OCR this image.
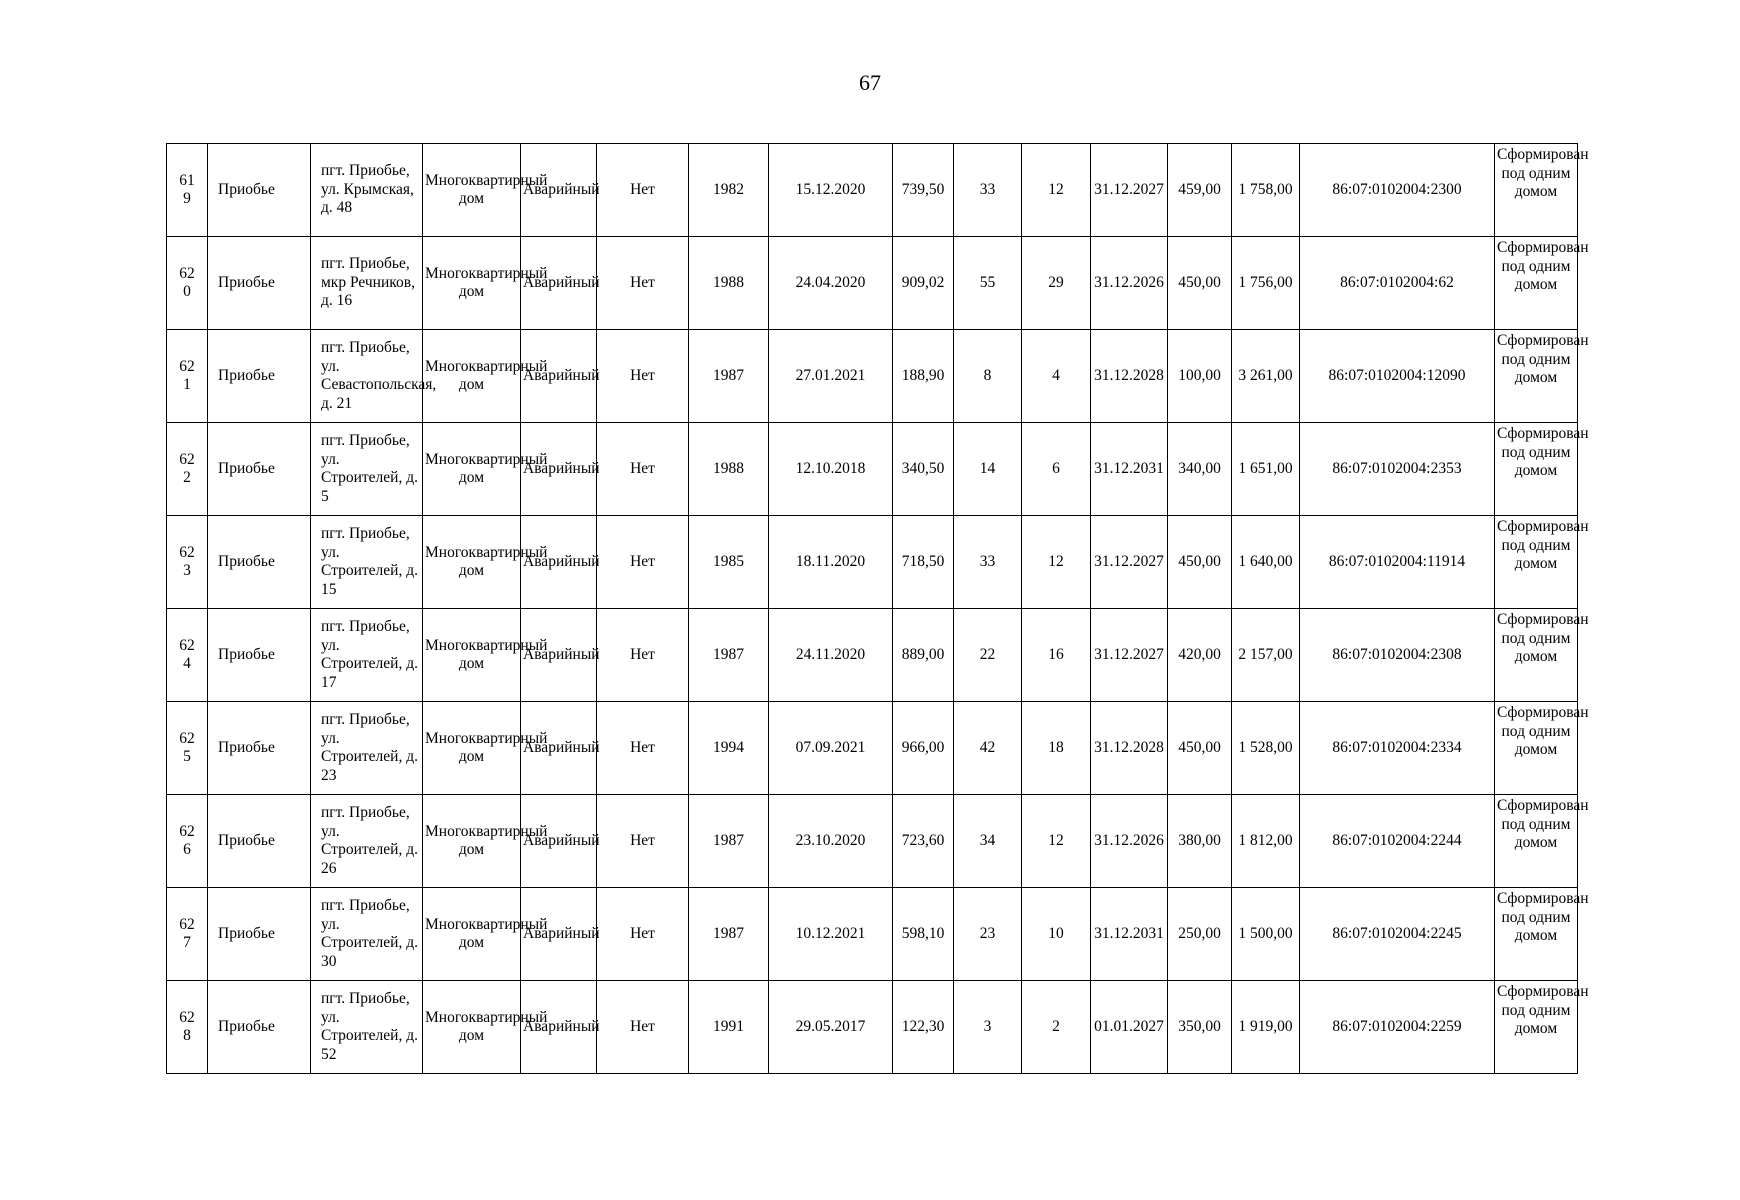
67
619	Приобье	пгт. Приобье, ул. Крымская, д. 48	Многоквартирный дом	Аварийный	Нет	1982	15.12.2020	739,50	33	12	31.12.2027	459,00	1 758,00	86:07:0102004:2300	Сформирован под одним домом
620	Приобье	пгт. Приобье, мкр Речников, д. 16	Многоквартирный дом	Аварийный	Нет	1988	24.04.2020	909,02	55	29	31.12.2026	450,00	1 756,00	86:07:0102004:62	Сформирован под одним домом
621	Приобье	пгт. Приобье, ул. Севастопольская, д. 21	Многоквартирный дом	Аварийный	Нет	1987	27.01.2021	188,90	8	4	31.12.2028	100,00	3 261,00	86:07:0102004:12090	Сформирован под одним домом
622	Приобье	пгт. Приобье, ул. Строителей, д. 5	Многоквартирный дом	Аварийный	Нет	1988	12.10.2018	340,50	14	6	31.12.2031	340,00	1 651,00	86:07:0102004:2353	Сформирован под одним домом
623	Приобье	пгт. Приобье, ул. Строителей, д. 15	Многоквартирный дом	Аварийный	Нет	1985	18.11.2020	718,50	33	12	31.12.2027	450,00	1 640,00	86:07:0102004:11914	Сформирован под одним домом
624	Приобье	пгт. Приобье, ул. Строителей, д. 17	Многоквартирный дом	Аварийный	Нет	1987	24.11.2020	889,00	22	16	31.12.2027	420,00	2 157,00	86:07:0102004:2308	Сформирован под одним домом
625	Приобье	пгт. Приобье, ул. Строителей, д. 23	Многоквартирный дом	Аварийный	Нет	1994	07.09.2021	966,00	42	18	31.12.2028	450,00	1 528,00	86:07:0102004:2334	Сформирован под одним домом
626	Приобье	пгт. Приобье, ул. Строителей, д. 26	Многоквартирный дом	Аварийный	Нет	1987	23.10.2020	723,60	34	12	31.12.2026	380,00	1 812,00	86:07:0102004:2244	Сформирован под одним домом
627	Приобье	пгт. Приобье, ул. Строителей, д. 30	Многоквартирный дом	Аварийный	Нет	1987	10.12.2021	598,10	23	10	31.12.2031	250,00	1 500,00	86:07:0102004:2245	Сформирован под одним домом
628	Приобье	пгт. Приобье, ул. Строителей, д. 52	Многоквартирный дом	Аварийный	Нет	1991	29.05.2017	122,30	3	2	01.01.2027	350,00	1 919,00	86:07:0102004:2259	Сформирован под одним домом
